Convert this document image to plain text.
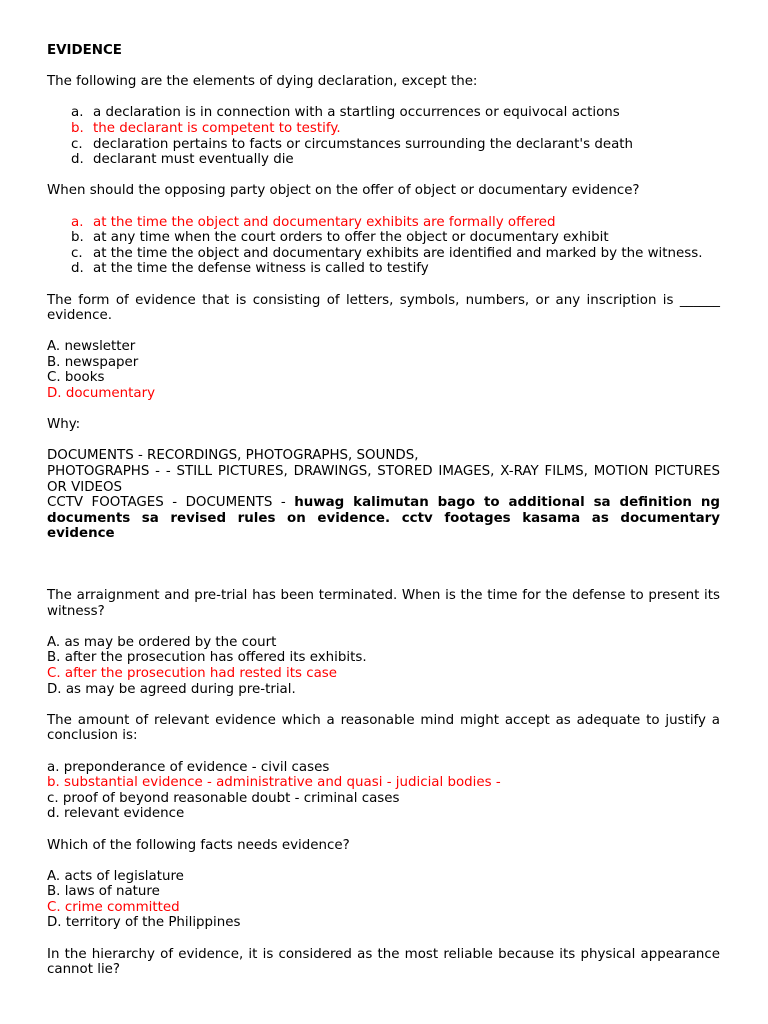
EVIDENCE

The following are the elements of dying declaration, except the:

a. a declaration is in connection with a startling occurrences or equivocal actions
b. the declarant is competent to testify.
c. declaration pertains to facts or circumstances surrounding the declarant's death
d. declarant must eventually die

When should the opposing party object on the offer of object or documentary evidence?

a. at the time the object and documentary exhibits are formally offered
b. at any time when the court orders to offer the object or documentary exhibit
c. at the time the object and documentary exhibits are identified and marked by the witness.
d. at the time the defense witness is called to testify

The form of evidence that is consisting of letters, symbols, numbers, or any inscription is ______ evidence.

A. newsletter
B. newspaper
C. books
D. documentary

Why:

DOCUMENTS - RECORDINGS, PHOTOGRAPHS, SOUNDS,
PHOTOGRAPHS - - STILL PICTURES, DRAWINGS, STORED IMAGES, X-RAY FILMS, MOTION PICTURES OR VIDEOS
CCTV FOOTAGES - DOCUMENTS - huwag kalimutan bago to additional sa definition ng documents sa revised rules on evidence. cctv footages kasama as documentary evidence

The arraignment and pre-trial has been terminated. When is the time for the defense to present its witness?

A. as may be ordered by the court
B. after the prosecution has offered its exhibits.
C. after the prosecution had rested its case
D. as may be agreed during pre-trial.

The amount of relevant evidence which a reasonable mind might accept as adequate to justify a conclusion is:

a. preponderance of evidence - civil cases
b. substantial evidence - administrative and quasi - judicial bodies -
c. proof of beyond reasonable doubt - criminal cases
d. relevant evidence

Which of the following facts needs evidence?

A. acts of legislature
B. laws of nature
C. crime committed
D. territory of the Philippines

In the hierarchy of evidence, it is considered as the most reliable because its physical appearance cannot lie?
